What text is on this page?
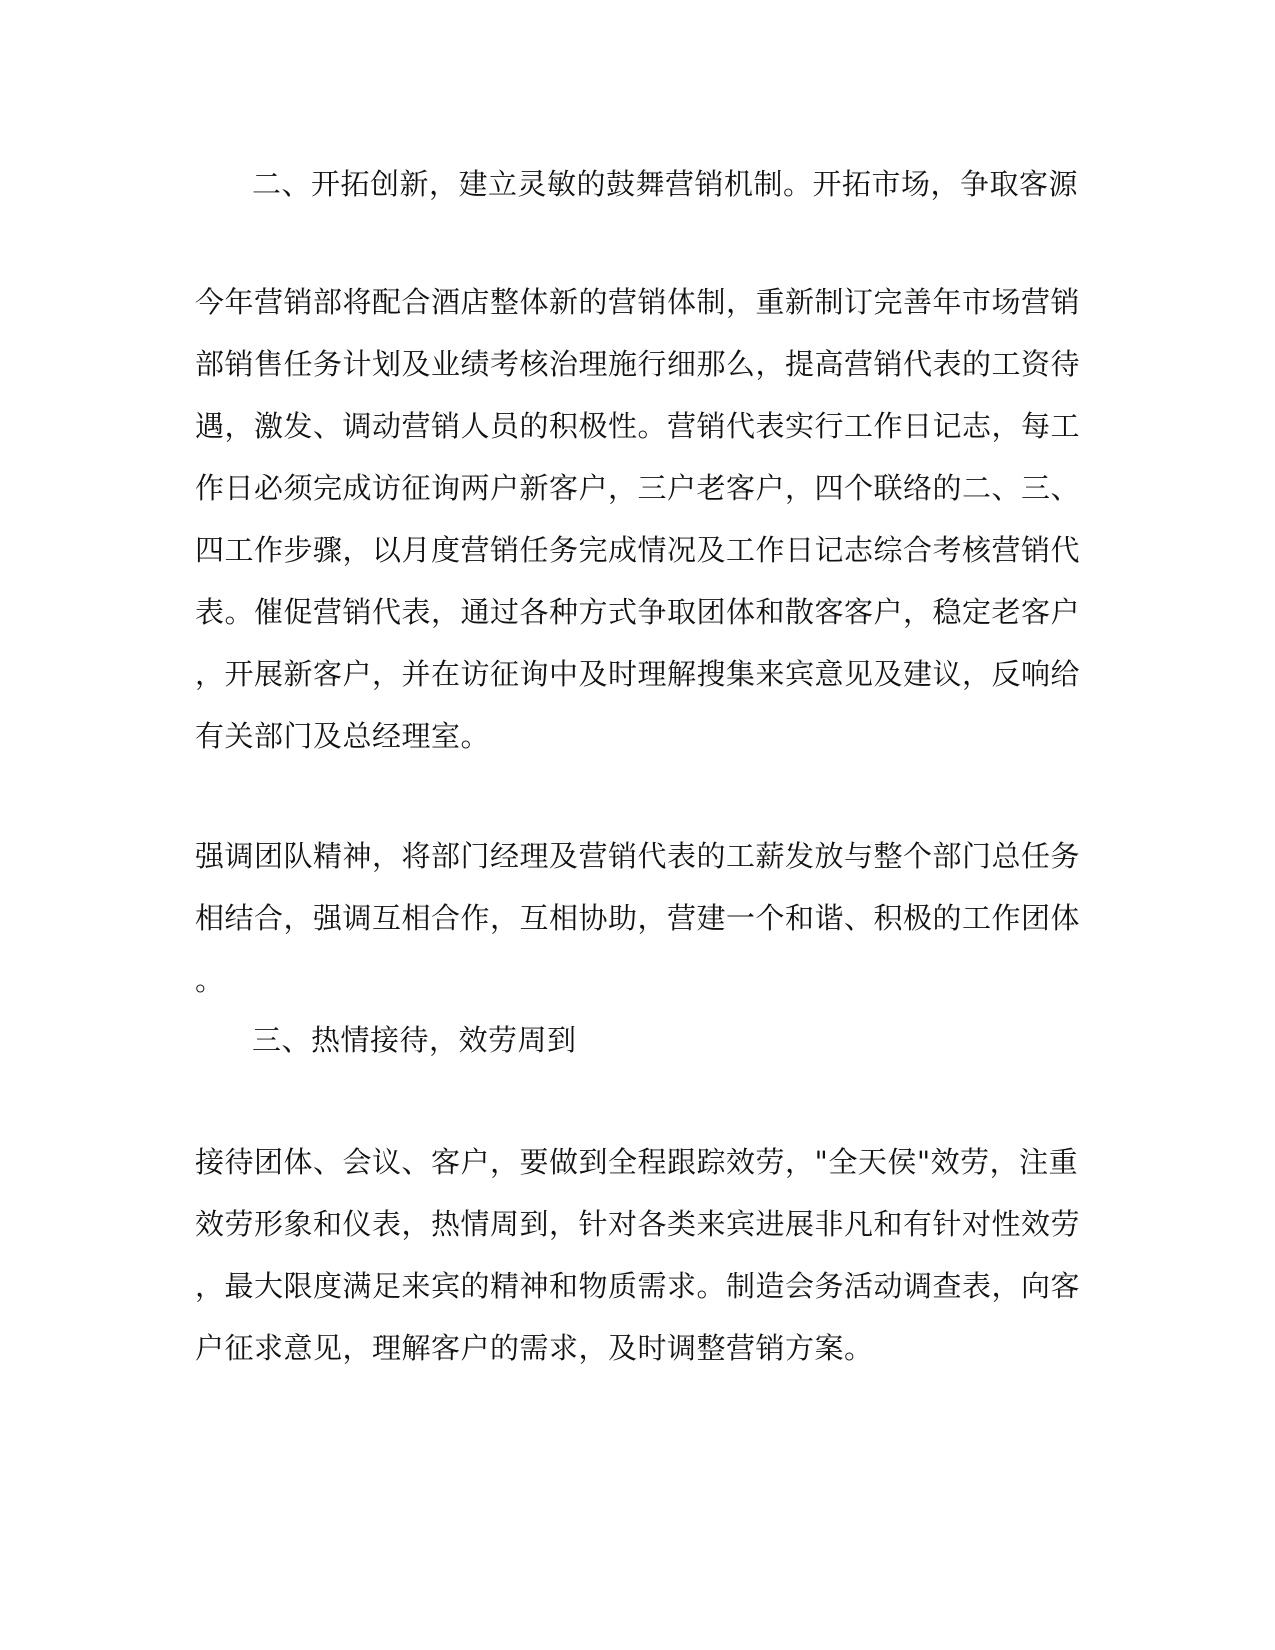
二、开拓创新，建立灵敏的鼓舞营销机制。开拓市场，争取客源
今年营销部将配合酒店整体新的营销体制，重新制订完善年市场营销
部销售任务计划及业绩考核治理施行细那么，提高营销代表的工资待
遇，激发、调动营销人员的积极性。营销代表实行工作日记志，每工
作日必须完成访征询两户新客户，三户老客户，四个联络的二、三、
四工作步骤，以月度营销任务完成情况及工作日记志综合考核营销代
表。催促营销代表，通过各种方式争取团体和散客客户，稳定老客户
，开展新客户，并在访征询中及时理解搜集来宾意见及建议，反响给
有关部门及总经理室。
强调团队精神，将部门经理及营销代表的工薪发放与整个部门总任务
相结合，强调互相合作，互相协助，营建一个和谐、积极的工作团体
。
三、热情接待，效劳周到
接待团体、会议、客户，要做到全程跟踪效劳，"全天侯"效劳，注重
效劳形象和仪表，热情周到，针对各类来宾进展非凡和有针对性效劳
，最大限度满足来宾的精神和物质需求。制造会务活动调查表，向客
户征求意见，理解客户的需求，及时调整营销方案。
